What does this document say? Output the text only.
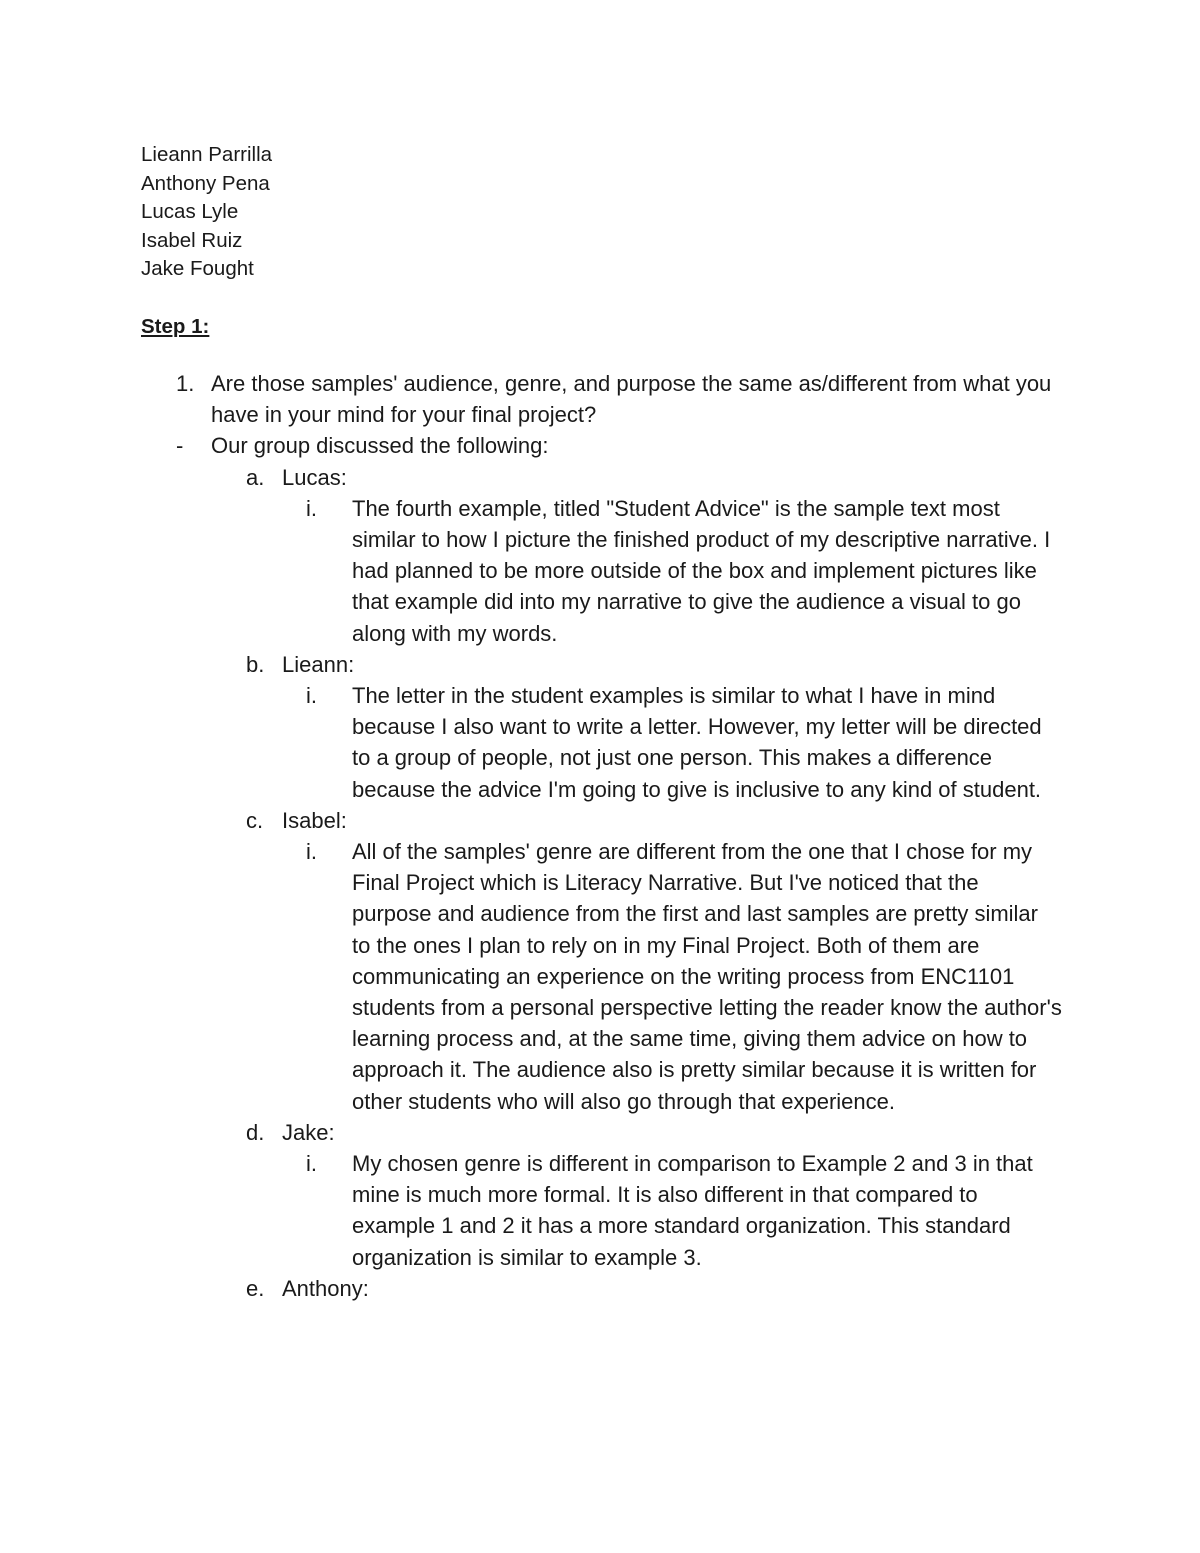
Lieann Parrilla
Anthony Pena
Lucas Lyle
Isabel Ruiz
Jake Fought
Step 1:
1. Are those samples' audience, genre, and purpose the same as/different from what you have in your mind for your final project?
-	Our group discussed the following:
a. Lucas:
i.	The fourth example, titled "Student Advice" is the sample text most similar to how I picture the finished product of my descriptive narrative. I had planned to be more outside of the box and implement pictures like that example did into my narrative to give the audience a visual to go along with my words.
b. Lieann:
i.	The letter in the student examples is similar to what I have in mind because I also want to write a letter. However, my letter will be directed to a group of people, not just one person. This makes a difference because the advice I'm going to give is inclusive to any kind of student.
c. Isabel:
i.	All of the samples' genre are different from the one that I chose for my Final Project which is Literacy Narrative. But I've noticed that the purpose and audience from the first and last samples are pretty similar to the ones I plan to rely on in my Final Project. Both of them are communicating an experience on the writing process from ENC1101 students from a personal perspective letting the reader know the author's learning process and, at the same time, giving them advice on how to approach it. The audience also is pretty similar because it is written for other students who will also go through that experience.
d. Jake:
i.	My chosen genre is different in comparison to Example 2 and 3 in that mine is much more formal. It is also different in that compared to example 1 and 2 it has a more standard organization. This standard organization is similar to example 3.
e. Anthony:
